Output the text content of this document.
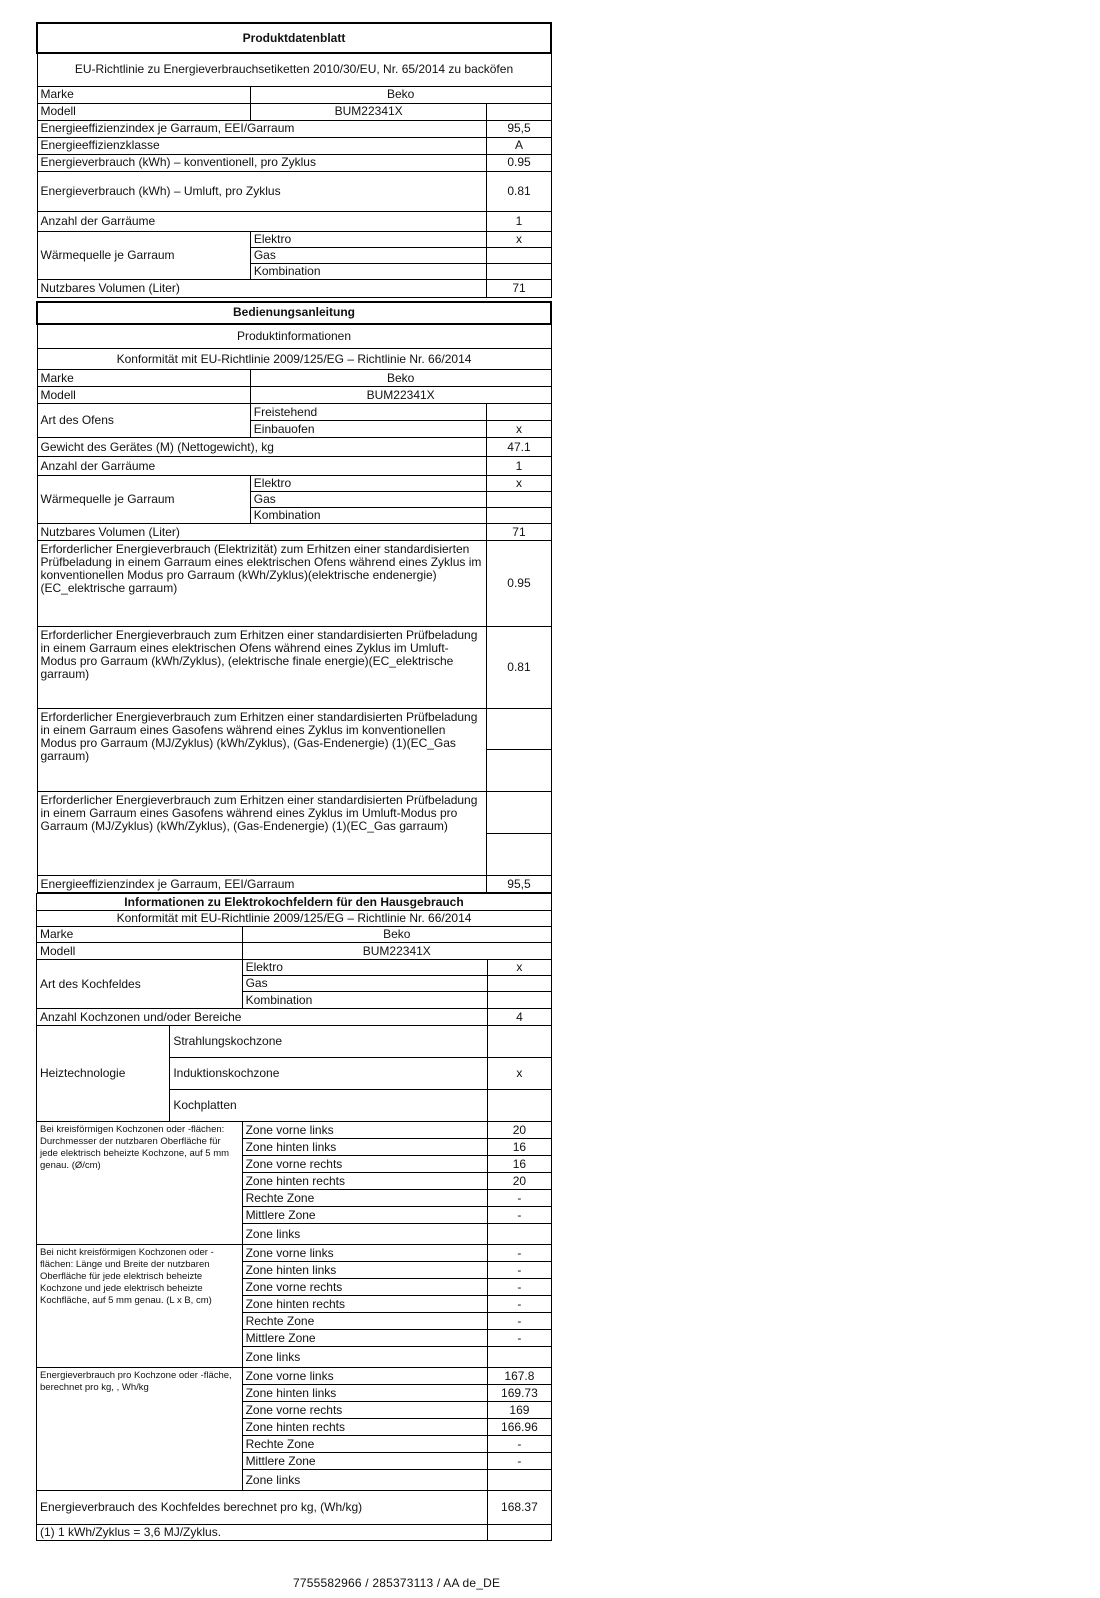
Produktdatenblatt		
EU-Richtlinie zu Energieverbrauchsetiketten 2010/30/EU, Nr. 65/2014 zu backöfen		
Marke	Beko	
Modell	BUM22341X	
Energieeffizienzindex je Garraum, EEI/Garraum		95,5
Energieeffizienzklasse		A
Energieverbrauch (kWh) – konventionell, pro Zyklus		0.95
Energieverbrauch (kWh) – Umluft, pro Zyklus		0.81
Anzahl der Garräume		1
Wärmequelle je Garraum	Elektro	x
	Gas	
	Kombination	
Nutzbares Volumen (Liter)		71
Bedienungsanleitung		
Produktinformationen		
Konformität mit EU-Richtlinie 2009/125/EG – Richtlinie Nr. 66/2014		
Marke	Beko	
Modell	BUM22341X	
Art des Ofens	Freistehend	
	Einbauofen	x
Gewicht des Gerätes (M) (Nettogewicht), kg		47.1
Anzahl der Garräume		1
Wärmequelle je Garraum	Elektro	x
	Gas	
	Kombination	
Nutzbares Volumen (Liter)		71
Erforderlicher Energieverbrauch (Elektrizität) zum Erhitzen einer standardisierten Prüfbeladung in einem Garraum eines elektrischen Ofens während eines Zyklus im konventionellen Modus pro Garraum (kWh/Zyklus)(elektrische endenergie)(EC_elektrische garraum)		0.95
Erforderlicher Energieverbrauch zum Erhitzen einer standardisierten Prüfbeladung in einem Garraum eines elektrischen Ofens während eines Zyklus im Umluft-Modus pro Garraum (kWh/Zyklus), (elektrische finale energie)(EC_elektrische garraum)		0.81
Erforderlicher Energieverbrauch zum Erhitzen einer standardisierten Prüfbeladung in einem Garraum eines Gasofens während eines Zyklus im konventionellen Modus pro Garraum (MJ/Zyklus) (kWh/Zyklus), (Gas-Endenergie) (1)(EC_Gas garraum)		

Erforderlicher Energieverbrauch zum Erhitzen einer standardisierten Prüfbeladung in einem Garraum eines Gasofens während eines Zyklus im Umluft-Modus pro Garraum (MJ/Zyklus) (kWh/Zyklus), (Gas-Endenergie) (1)(EC_Gas garraum)		

Energieeffizienzindex je Garraum, EEI/Garraum		95,5
Informationen zu Elektrokochfeldern für den Hausgebrauch			
Konformität mit EU-Richtlinie 2009/125/EG – Richtlinie Nr. 66/2014			
Marke		Beko	
Modell		BUM22341X	
Art des Kochfeldes		Elektro	x
		Gas	
		Kombination	
Anzahl Kochzonen und/oder Bereiche			4
Heiztechnologie	Strahlungskochzone		
	Induktionskochzone		x
	Kochplatten		
Bei kreisförmigen Kochzonen oder -flächen: Durchmesser der nutzbaren Oberfläche für jede elektrisch beheizte Kochzone, auf 5 mm genau. (Ø/cm)		Zone vorne links	20
		Zone hinten links	16
		Zone vorne rechts	16
		Zone hinten rechts	20
		Rechte Zone	-
		Mittlere Zone	-
		Zone links	
Bei nicht kreisförmigen Kochzonen oder -flächen: Länge und Breite der nutzbaren Oberfläche für jede elektrisch beheizte Kochzone und jede elektrisch beheizte Kochfläche, auf 5 mm genau. (L x B, cm)		Zone vorne links	-
		Zone hinten links	-
		Zone vorne rechts	-
		Zone hinten rechts	-
		Rechte Zone	-
		Mittlere Zone	-
		Zone links	
Energieverbrauch pro Kochzone oder -fläche, berechnet pro kg, , Wh/kg		Zone vorne links	167.8
		Zone hinten links	169.73
		Zone vorne rechts	169
		Zone hinten rechts	166.96
		Rechte Zone	-
		Mittlere Zone	-
		Zone links	
Energieverbrauch des Kochfeldes berechnet pro kg, (Wh/kg)			168.37
(1) 1 kWh/Zyklus = 3,6 MJ/Zyklus.			
7755582966 / 285373113 / AA de_DE
